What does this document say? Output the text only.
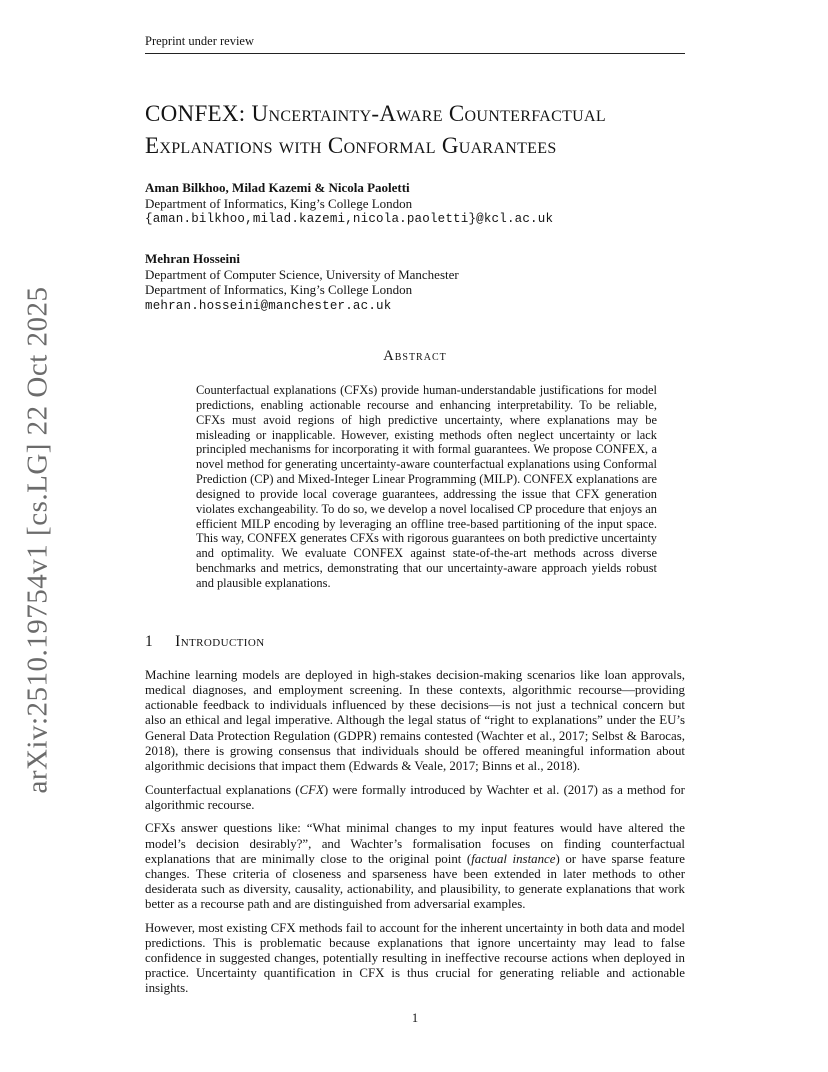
Preprint under review
arXiv:2510.19754v1 [cs.LG] 22 Oct 2025
CONFEX: Uncertainty-Aware Counterfactual
Explanations with Conformal Guarantees
Aman Bilkhoo, Milad Kazemi & Nicola Paoletti
Department of Informatics, King’s College London
{aman.bilkhoo,milad.kazemi,nicola.paoletti}@kcl.ac.uk
Mehran Hosseini
Department of Computer Science, University of Manchester
Department of Informatics, King’s College London
mehran.hosseini@manchester.ac.uk
Abstract
Counterfactual explanations (CFXs) provide human-understandable justifications for model predictions, enabling actionable recourse and enhancing interpretability. To be reliable, CFXs must avoid regions of high predictive uncertainty, where explanations may be misleading or inapplicable. However, existing methods often neglect uncertainty or lack principled mechanisms for incorporating it with formal guarantees. We propose CONFEX, a novel method for generating uncertainty-aware counterfactual explanations using Conformal Prediction (CP) and Mixed-Integer Linear Programming (MILP). CONFEX explanations are designed to provide local coverage guarantees, addressing the issue that CFX generation violates exchangeability. To do so, we develop a novel localised CP procedure that enjoys an efficient MILP encoding by leveraging an offline tree-based partitioning of the input space. This way, CONFEX generates CFXs with rigorous guarantees on both predictive uncertainty and optimality. We evaluate CONFEX against state-of-the-art methods across diverse benchmarks and metrics, demonstrating that our uncertainty-aware approach yields robust and plausible explanations.
1 Introduction

Machine learning models are deployed in high-stakes decision-making scenarios like loan approvals, medical diagnoses, and employment screening. In these contexts, algorithmic recourse—providing actionable feedback to individuals influenced by these decisions—is not just a technical concern but also an ethical and legal imperative. Although the legal status of “right to explanations” under the EU’s General Data Protection Regulation (GDPR) remains contested (Wachter et al., 2017; Selbst & Barocas, 2018), there is growing consensus that individuals should be offered meaningful information about algorithmic decisions that impact them (Edwards & Veale, 2017; Binns et al., 2018).

Counterfactual explanations (CFX) were formally introduced by Wachter et al. (2017) as a method for algorithmic recourse.

CFXs answer questions like: “What minimal changes to my input features would have altered the model’s decision desirably?”, and Wachter’s formalisation focuses on finding counterfactual explanations that are minimally close to the original point (factual instance) or have sparse feature changes. These criteria of closeness and sparseness have been extended in later methods to other desiderata such as diversity, causality, actionability, and plausibility, to generate explanations that work better as a recourse path and are distinguished from adversarial examples.

However, most existing CFX methods fail to account for the inherent uncertainty in both data and model predictions. This is problematic because explanations that ignore uncertainty may lead to false confidence in suggested changes, potentially resulting in ineffective recourse actions when deployed in practice. Uncertainty quantification in CFX is thus crucial for generating reliable and actionable insights.

1
